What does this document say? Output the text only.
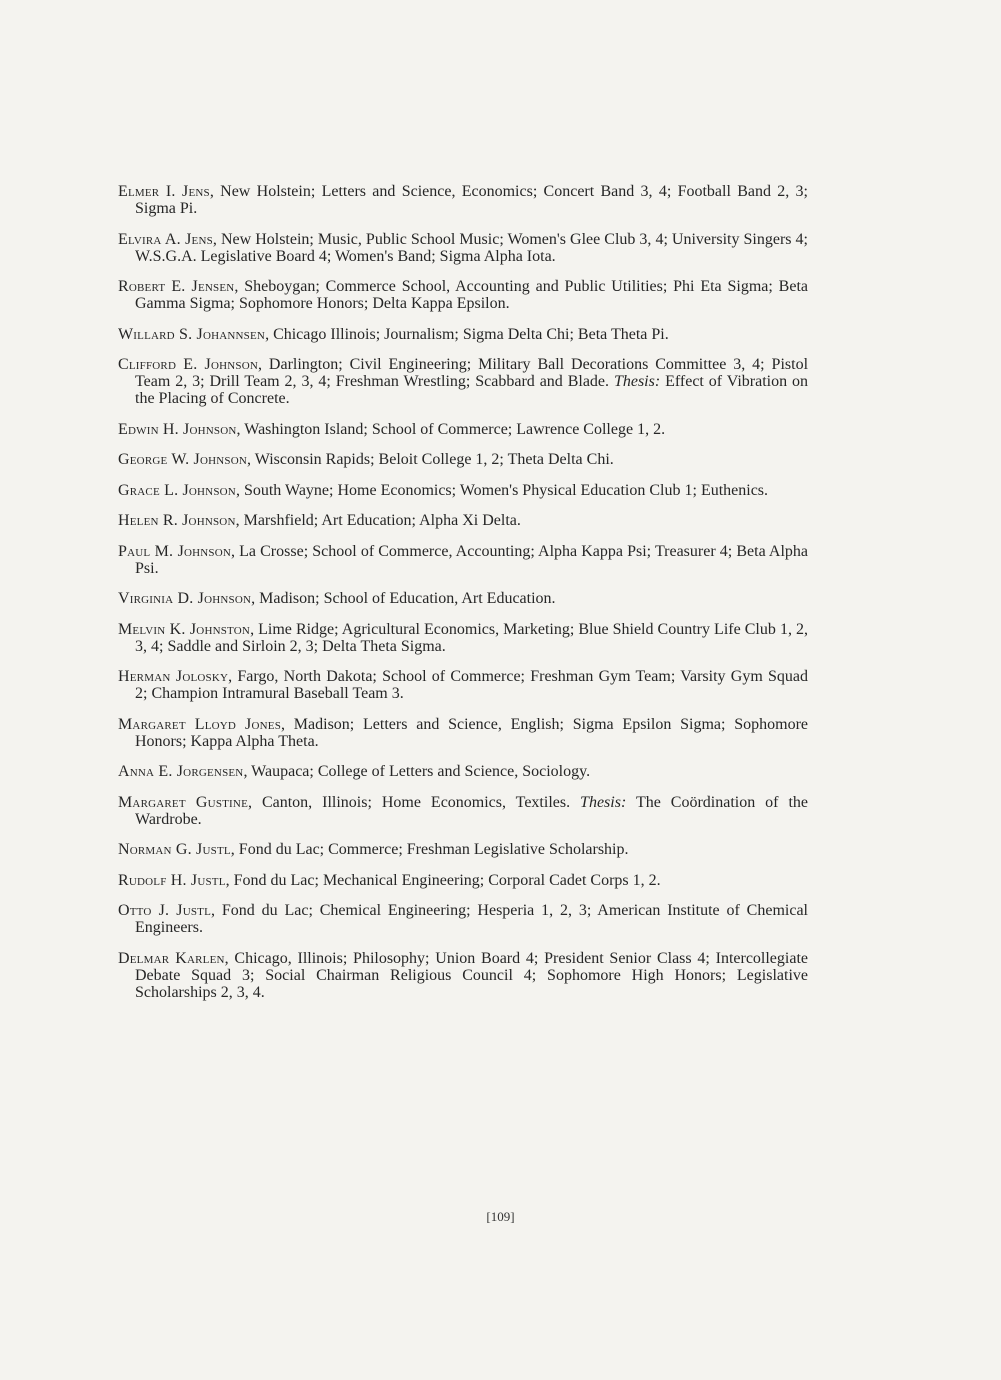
Elmer I. Jens, New Holstein; Letters and Science, Economics; Concert Band 3, 4; Football Band 2, 3; Sigma Pi.

Elvira A. Jens, New Holstein; Music, Public School Music; Women's Glee Club 3, 4; University Singers 4; W.S.G.A. Legislative Board 4; Women's Band; Sigma Alpha Iota.

Robert E. Jensen, Sheboygan; Commerce School, Accounting and Public Utilities; Phi Eta Sigma; Beta Gamma Sigma; Sophomore Honors; Delta Kappa Epsilon.

Willard S. Johannsen, Chicago Illinois; Journalism; Sigma Delta Chi; Beta Theta Pi.

Clifford E. Johnson, Darlington; Civil Engineering; Military Ball Decorations Committee 3, 4; Pistol Team 2, 3; Drill Team 2, 3, 4; Freshman Wrestling; Scabbard and Blade. Thesis: Effect of Vibration on the Placing of Concrete.

Edwin H. Johnson, Washington Island; School of Commerce; Lawrence College 1, 2.

George W. Johnson, Wisconsin Rapids; Beloit College 1, 2; Theta Delta Chi.

Grace L. Johnson, South Wayne; Home Economics; Women's Physical Education Club 1; Euthenics.

Helen R. Johnson, Marshfield; Art Education; Alpha Xi Delta.

Paul M. Johnson, La Crosse; School of Commerce, Accounting; Alpha Kappa Psi; Treasurer 4; Beta Alpha Psi.

Virginia D. Johnson, Madison; School of Education, Art Education.

Melvin K. Johnston, Lime Ridge; Agricultural Economics, Marketing; Blue Shield Country Life Club 1, 2, 3, 4; Saddle and Sirloin 2, 3; Delta Theta Sigma.

Herman Jolosky, Fargo, North Dakota; School of Commerce; Freshman Gym Team; Varsity Gym Squad 2; Champion Intramural Baseball Team 3.

Margaret Lloyd Jones, Madison; Letters and Science, English; Sigma Epsilon Sigma; Sophomore Honors; Kappa Alpha Theta.

Anna E. Jorgensen, Waupaca; College of Letters and Science, Sociology.

Margaret Gustine, Canton, Illinois; Home Economics, Textiles. Thesis: The Coördination of the Wardrobe.

Norman G. Justl, Fond du Lac; Commerce; Freshman Legislative Scholarship.

Rudolf H. Justl, Fond du Lac; Mechanical Engineering; Corporal Cadet Corps 1, 2.

Otto J. Justl, Fond du Lac; Chemical Engineering; Hesperia 1, 2, 3; American Institute of Chemical Engineers.

Delmar Karlen, Chicago, Illinois; Philosophy; Union Board 4; President Senior Class 4; Intercollegiate Debate Squad 3; Social Chairman Religious Council 4; Sophomore High Honors; Legislative Scholarships 2, 3, 4.

[109]
